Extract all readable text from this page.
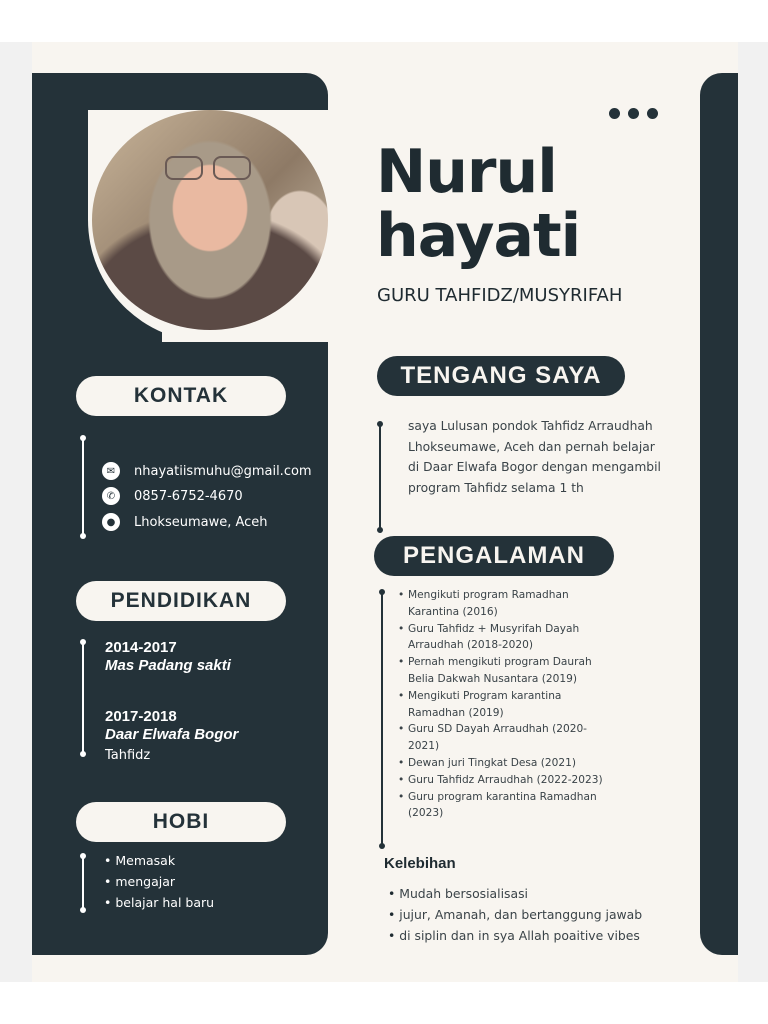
Nurul
hayati
GURU TAHFIDZ/MUSYRIFAH
KONTAK
✉	nhayatiismuhu@gmail.com
✆	0857-6752-4670
●	Lhokseumawe, Aceh
PENDIDIKAN
2014-2017
Mas Padang sakti
2017-2018
Daar Elwafa Bogor
Tahfidz
HOBI
• Memasak
• mengajar
• belajar hal baru
TENGANG SAYA
saya Lulusan pondok Tahfidz Arraudhah
Lhokseumawe, Aceh dan pernah belajar
di Daar Elwafa Bogor dengan mengambil
program Tahfidz selama 1 th
PENGALAMAN
• Mengikuti program Ramadhan Karantina (2016)
• Guru Tahfidz + Musyrifah Dayah Arraudhah (2018-2020)
• Pernah mengikuti program Daurah Belia Dakwah Nusantara (2019)
• Mengikuti Program karantina Ramadhan (2019)
• Guru SD Dayah Arraudhah (2020-2021)
• Dewan juri Tingkat Desa (2021)
• Guru Tahfidz Arraudhah (2022-2023)
• Guru program karantina Ramadhan (2023)
Kelebihan
• Mudah bersosialisasi
• jujur, Amanah, dan bertanggung jawab
• di siplin dan in sya Allah poaitive vibes
